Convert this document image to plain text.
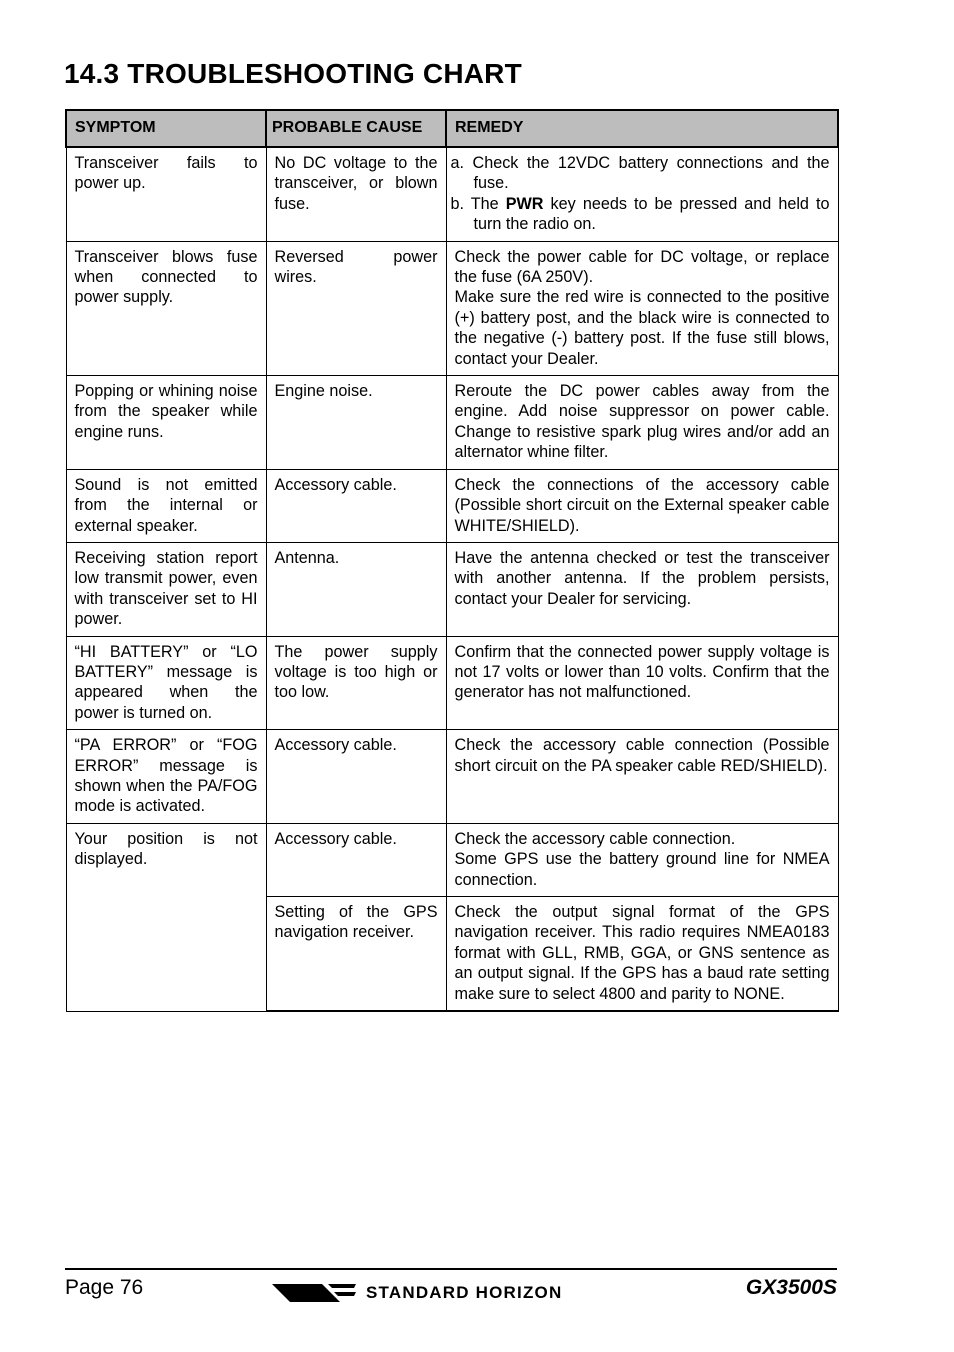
14.3 TROUBLESHOOTING CHART
SYMPTOM	PROBABLE CAUSE	REMEDY
Transceiver fails to power up.	No DC voltage to the transceiver, or blown fuse.	a. Check the 12VDC battery connections and the fuse.
b. The PWR key needs to be pressed and held to turn the radio on.

Transceiver blows fuse when connected to power supply.	Reversed power wires.	Check the power cable for DC voltage, or replace the fuse (6A 250V).
Make sure the red wire is connected to the positive (+) battery post, and the black wire is connected to the negative (-) battery post. If the fuse still blows, contact your Dealer.

Popping or whining noise from the speaker while engine runs.	Engine noise.	Reroute the DC power cables away from the engine. Add noise suppressor on power cable. Change to resistive spark plug wires and/or add an alternator whine filter.
Sound is not emitted from the internal or external speaker.	Accessory cable.	Check the connections of the accessory cable (Possible short circuit on the External speaker cable WHITE/SHIELD).
Receiving station report low transmit power, even with transceiver set to HI power.	Antenna.	Have the antenna checked or test the transceiver with another antenna. If the problem persists, contact your Dealer for servicing.
“HI BATTERY” or “LO BATTERY” message is appeared when the power is turned on.	The power supply voltage is too high or too low.	Confirm that the connected power supply voltage is not 17 volts or lower than 10 volts. Confirm that the generator has not malfunctioned.
“PA ERROR” or “FOG ERROR” message is shown when the PA/FOG mode is activated.	Accessory cable.	Check the accessory cable connection (Possible short circuit on the PA speaker cable RED/SHIELD).
Your position is not displayed.	Accessory cable.	Check the accessory cable connection.
Some GPS use the battery ground line for NMEA connection.

	Setting of the GPS navigation receiver.	Check the output signal format of the GPS navigation receiver. This radio requires NMEA0183 format with GLL, RMB, GGA, or GNS sentence as an output signal. If the GPS has a baud rate setting make sure to select 4800 and parity to NONE.
Page 76	STANDARD HORIZON	GX3500S
